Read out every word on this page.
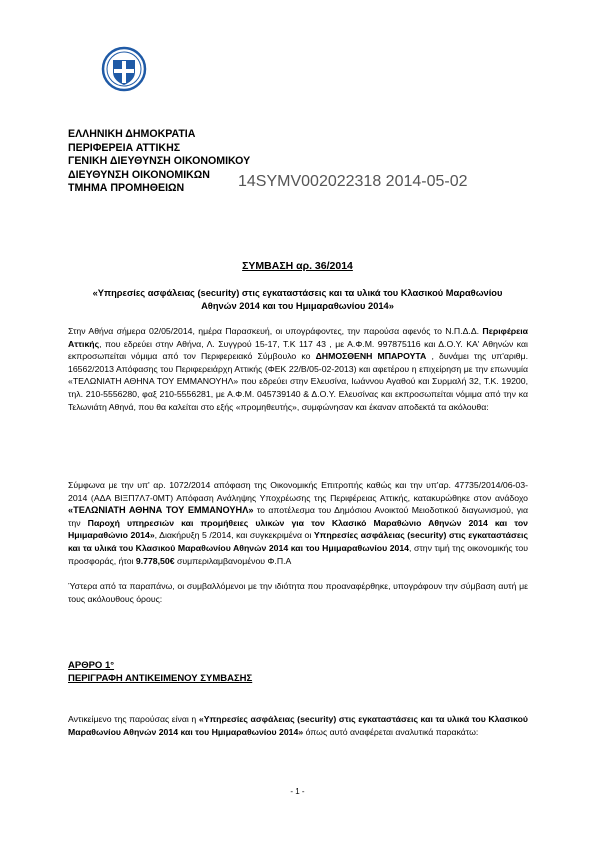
ΕΛΛΗΝΙΚΗ ΔΗΜΟΚΡΑΤΙΑ
ΠΕΡΙΦΕΡΕΙΑ ΑΤΤΙΚΗΣ
ΓΕΝΙΚΗ ΔΙΕΥΘΥΝΣΗ ΟΙΚΟΝΟΜΙΚΟΥ
ΔΙΕΥΘΥΝΣΗ ΟΙΚΟΝΟΜΙΚΩΝ
ΤΜΗΜΑ ΠΡΟΜΗΘΕΙΩΝ	14SYMV002022318 2014-05-02
ΣΥΜΒΑΣΗ αρ. 36/2014
«Υπηρεσίες ασφάλειας (security) στις εγκαταστάσεις και τα υλικά του Κλασικού Μαραθωνίου Αθηνών 2014 και του Ημιμαραθωνίου 2014»
Στην Αθήνα σήμερα 02/05/2014, ημέρα Παρασκευή, οι υπογράφοντες, την παρούσα αφενός το Ν.Π.Δ.Δ. Περιφέρεια Αττικής, που εδρεύει στην Αθήνα, Λ. Συγγρού 15-17, Τ.Κ 117 43 , με Α.Φ.Μ. 997875116 και Δ.Ο.Υ. ΚΑ' Αθηνών και εκπροσωπείται νόμιμα από τον Περιφερειακό Σύμβουλο κο ΔΗΜΟΣΘΕΝΗ ΜΠΑΡΟΥΤΑ , δυνάμει της υπ'αριθμ. 16562/2013 Απόφασης του Περιφερειάρχη Αττικής (ΦΕΚ 22/Β/05-02-2013) και αφετέρου η επιχείρηση με την επωνυμία «ΤΕΛΩΝΙΑΤΗ ΑΘΗΝΑ ΤΟΥ ΕΜΜΑΝΟΥΗΛ» που εδρεύει στην Ελευσίνα, Ιωάννου Αγαθού και Συρμαλή 32, Τ.Κ. 19200, τηλ. 210-5556280, φαξ 210-5556281, με Α.Φ.Μ. 045739140 & Δ.Ο.Υ. Ελευσίνας και εκπροσωπείται νόμιμα από την κα Τελωνιάτη Αθηνά, που θα καλείται στο εξής «προμηθευτής», συμφώνησαν και έκαναν αποδεκτά τα ακόλουθα:
Σύμφωνα με την υπ' αρ. 1072/2014 απόφαση της Οικονομικής Επιτροπής καθώς και την υπ'αρ. 47735/2014/06-03-2014 (ΑΔΑ ΒΙΞΠ7Λ7-0ΜΤ) Απόφαση Ανάληψης Υποχρέωσης της Περιφέρειας Αττικής, κατακυρώθηκε στον ανάδοχο «ΤΕΛΩΝΙΑΤΗ ΑΘΗΝΑ ΤΟΥ ΕΜΜΑΝΟΥΗΛ» το αποτέλεσμα του Δημόσιου Ανοικτού Μειοδοτικού διαγωνισμού, για την Παροχή υπηρεσιών και προμήθειες υλικών για τον Κλασικό Μαραθώνιο Αθηνών 2014 και τον Ημιμαραθώνιο 2014», Διακήρυξη 5 /2014, και συγκεκριμένα οι Υπηρεσίες ασφάλειας (security) στις εγκαταστάσεις και τα υλικά του Κλασικού Μαραθωνίου Αθηνών 2014 και του Ημιμαραθωνίου 2014, στην τιμή της οικονομικής του προσφοράς, ήτοι 9.778,50€ συμπεριλαμβανομένου Φ.Π.Α
Ύστερα από τα παραπάνω, οι συμβαλλόμενοι με την ιδιότητα που προαναφέρθηκε, υπογράφουν την σύμβαση αυτή με τους ακόλουθους όρους:
ΑΡΘΡΟ 1°
ΠΕΡΙΓΡΑΦΗ ΑΝΤΙΚΕΙΜΕΝΟΥ ΣΥΜΒΑΣΗΣ
Αντικείμενο της παρούσας είναι η «Υπηρεσίες ασφάλειας (security) στις εγκαταστάσεις και τα υλικά του Κλασικού Μαραθωνίου Αθηνών 2014 και του Ημιμαραθωνίου 2014» όπως αυτό αναφέρεται αναλυτικά παρακάτω:
- 1 -
